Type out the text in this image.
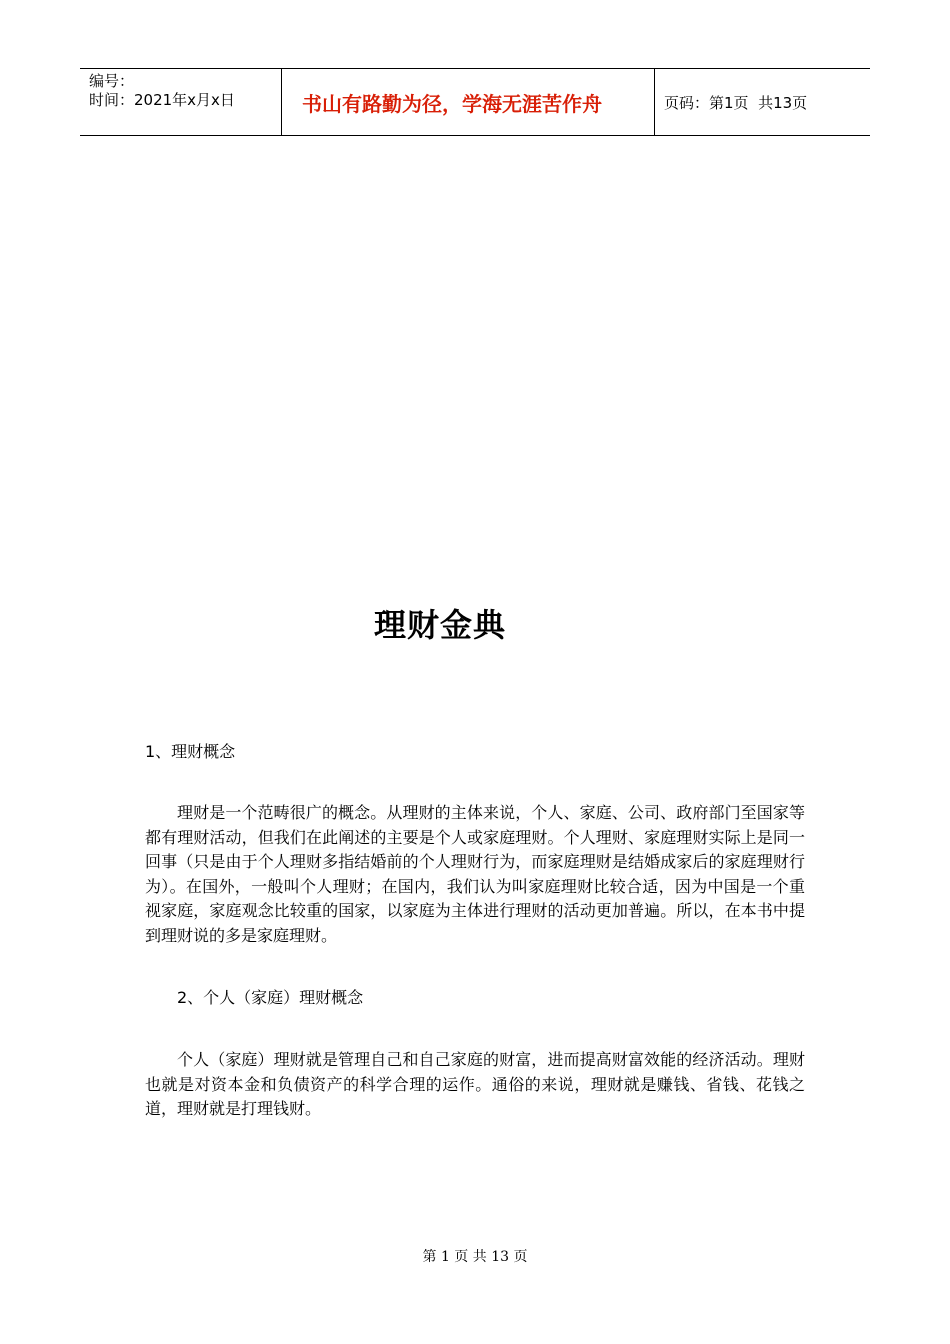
编号：
时间：2021年x月x日	书山有路勤为径，学海无涯苦作舟	页码：第1页  共13页
理财金典
1、理财概念

理财是一个范畴很广的概念。从理财的主体来说，个人、家庭、公司、政府部门至国家等都有理财活动，但我们在此阐述的主要是个人或家庭理财。个人理财、家庭理财实际上是同一回事（只是由于个人理财多指结婚前的个人理财行为，而家庭理财是结婚成家后的家庭理财行为）。在国外，一般叫个人理财；在国内，我们认为叫家庭理财比较合适，因为中国是一个重视家庭，家庭观念比较重的国家，以家庭为主体进行理财的活动更加普遍。所以，在本书中提到理财说的多是家庭理财。

2、个人（家庭）理财概念

个人（家庭）理财就是管理自己和自己家庭的财富，进而提高财富效能的经济活动。理财也就是对资本金和负债资产的科学合理的运作。通俗的来说，理财就是赚钱、省钱、花钱之道，理财就是打理钱财。

第 1 页 共 13 页
